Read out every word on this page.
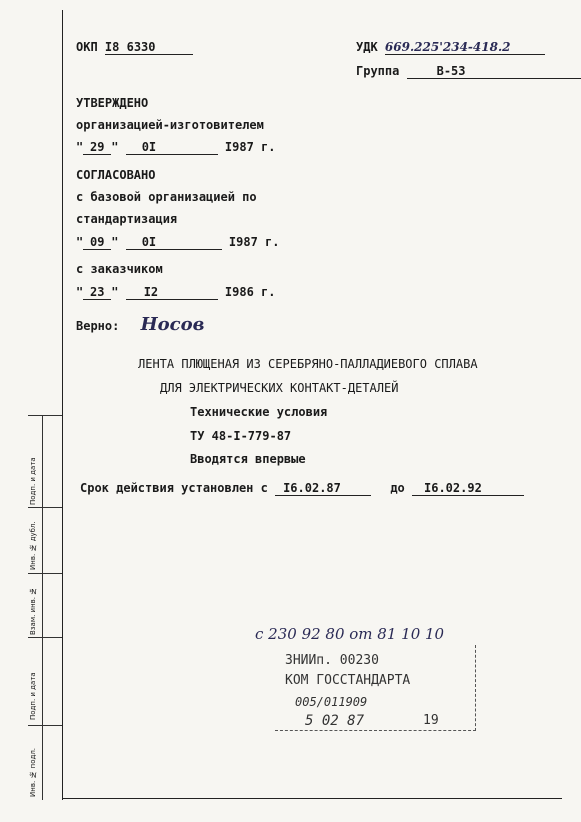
ОКП I8 6330	УДК 669.225'234-418.2
Группа	В-53
УТВЕРЖДЕНО
организацией-изготовителем
" 29 " 0I	I987 г.
СОГЛАСОВАНО
с базовой организацией по
стандартизация
" 09 " 0I	I987 г.
с заказчиком
" 23 " I2	I986 г.
Верно: Носов
ЛЕНТА ПЛЮЩЕНАЯ ИЗ СЕРЕБРЯНО-ПАЛЛАДИЕВОГО СПЛАВА
ДЛЯ ЭЛЕКТРИЧЕСКИХ КОНТАКТ-ДЕТАЛЕЙ
Технические условия
ТУ 48-I-779-87
Вводятся впервые
Срок действия установлен с I6.02.87	до I6.02.92
Подп. и дата
Инв. № дубл.
Взам. инв. №
Подп. и дата
Инв. № подл.
с 230 92 80 от 81 10 10
ЗНИИп. 00230
КОМ ГОССТАНДАРТА
005/011909
5 02 87	19
